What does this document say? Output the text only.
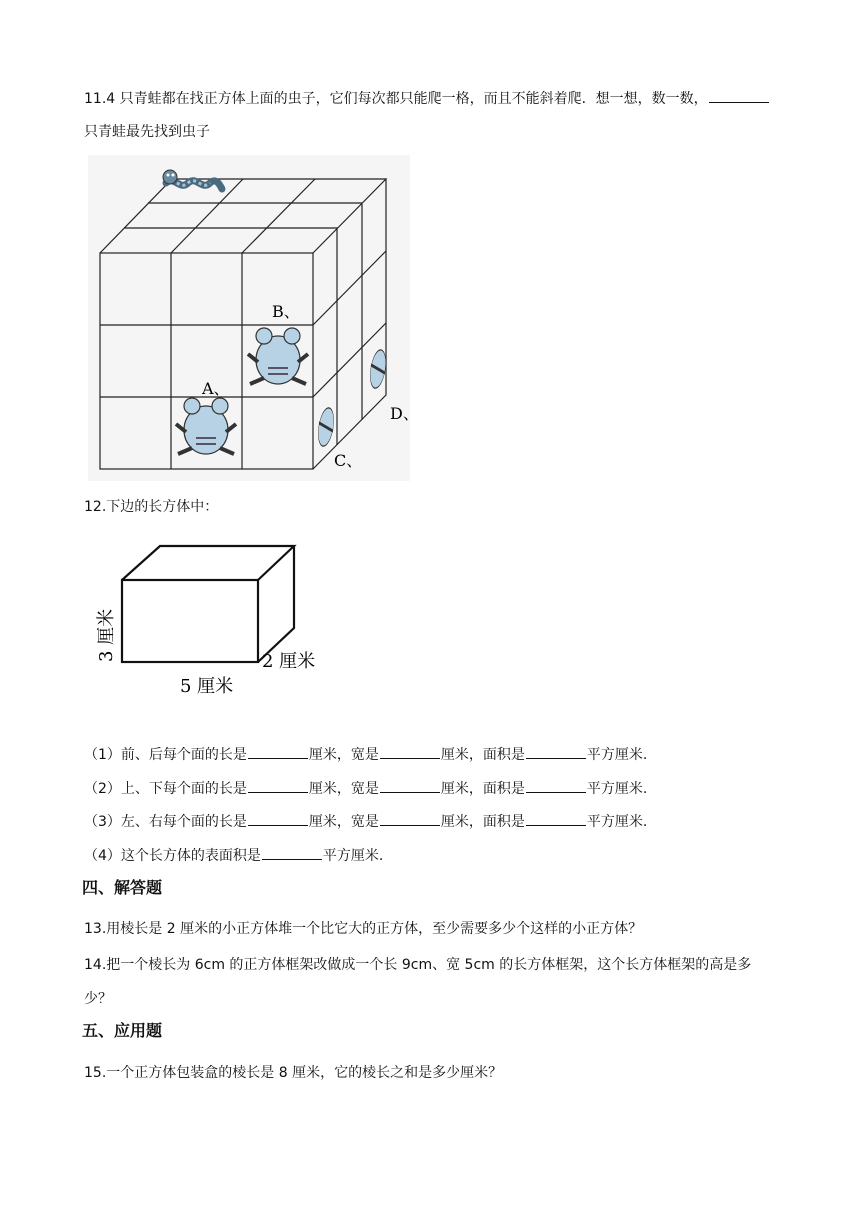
11.4 只青蛙都在找正方体上面的虫子，它们每次都只能爬一格，而且不能斜着爬．想一想，数一数，
只青蛙最先找到虫子
A、
B、
C、
D、
12.下边的长方体中：
5 厘米
2 厘米
3 厘米
（1）前、后每个面的长是	厘米，宽是	厘米，面积是	平方厘米.
（2）上、下每个面的长是	厘米，宽是	厘米，面积是	平方厘米.
（3）左、右每个面的长是	厘米，宽是	厘米，面积是	平方厘米.
（4）这个长方体的表面积是	平方厘米.
四、解答题
13.用棱长是 2 厘米的小正方体堆一个比它大的正方体，至少需要多少个这样的小正方体？
14.把一个棱长为 6cm 的正方体框架改做成一个长 9cm、宽 5cm 的长方体框架，这个长方体框架的高是多
少？
五、应用题
15.一个正方体包装盒的棱长是 8 厘米，它的棱长之和是多少厘米？
